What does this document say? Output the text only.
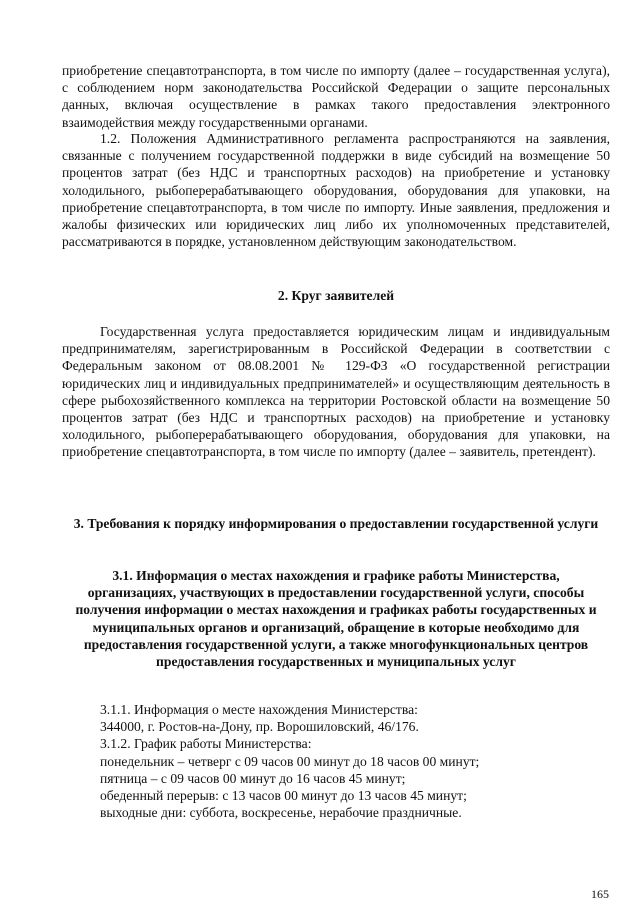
приобретение спецавтотранспорта, в том числе по импорту (далее – государственная услуга), с соблюдением норм законодательства Российской Федерации о защите персональных данных, включая осуществление в рамках такого предоставления электронного взаимодействия между государственными органами.

1.2. Положения Административного регламента распространяются на заявления, связанные с получением государственной поддержки в виде субсидий на возмещение 50 процентов затрат (без НДС и транспортных расходов) на приобретение и установку холодильного, рыбоперерабатывающего оборудования, оборудования для упаковки, на приобретение спецавтотранспорта, в том числе по импорту. Иные заявления, предложения и жалобы физических или юридических лиц либо их уполномоченных представителей, рассматриваются в порядке, установленном действующим законодательством.

2. Круг заявителей

Государственная услуга предоставляется юридическим лицам и индивидуальным предпринимателям, зарегистрированным в Российской Федерации в соответствии с Федеральным законом от 08.08.2001 № 129-ФЗ «О государственной регистрации юридических лиц и индивидуальных предпринимателей» и осуществляющим деятельность в сфере рыбохозяйственного комплекса на территории Ростовской области на возмещение 50 процентов затрат (без НДС и транспортных расходов) на приобретение и установку холодильного, рыбоперерабатывающего оборудования, оборудования для упаковки, на приобретение спецавтотранспорта, в том числе по импорту (далее – заявитель, претендент).

3. Требования к порядку информирования о предоставлении государственной услуги

3.1. Информация о местах нахождения и графике работы Министерства, организациях, участвующих в предоставлении государственной услуги, способы получения информации о местах нахождения и графиках работы государственных и муниципальных органов и организаций, обращение в которые необходимо для предоставления государственной услуги, а также многофункциональных центров предоставления государственных и муниципальных услуг

3.1.1. Информация о месте нахождения Министерства:
344000, г. Ростов-на-Дону, пр. Ворошиловский, 46/176.
3.1.2. График работы Министерства:
понедельник – четверг с 09 часов 00 минут до 18 часов 00 минут;
пятница – с 09 часов 00 минут до 16 часов 45 минут;
обеденный перерыв: с 13 часов 00 минут до 13 часов 45 минут;
выходные дни: суббота, воскресенье, нерабочие праздничные.
165
